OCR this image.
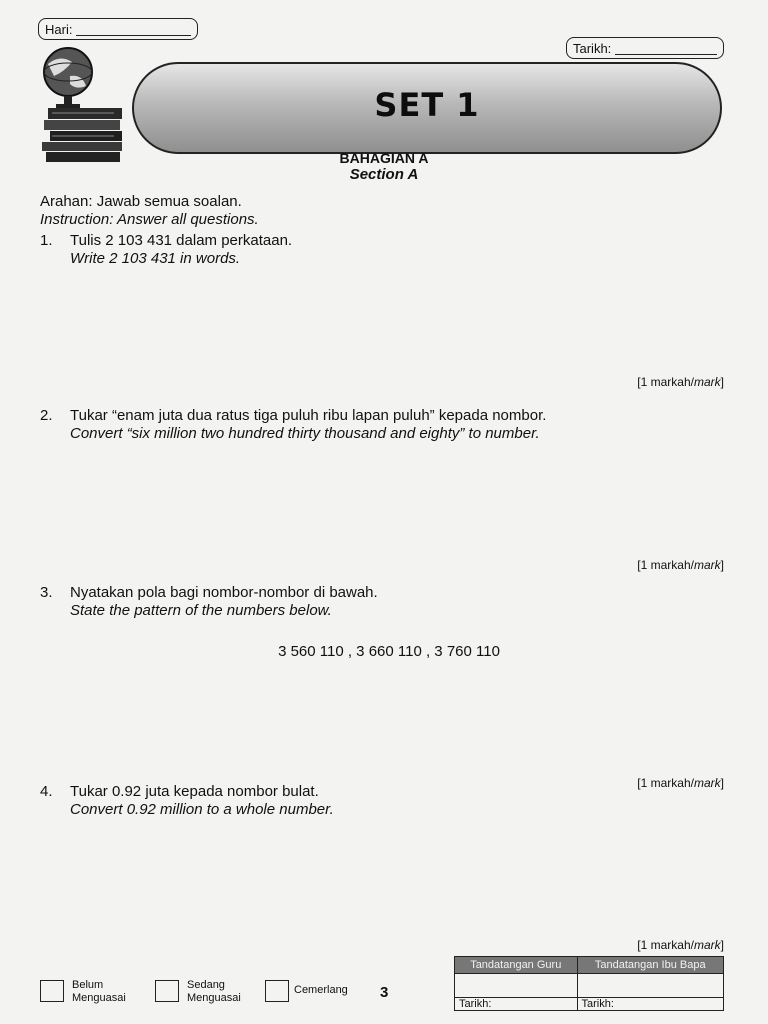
Hari:
Tarikh:
SET 1
BAHAGIAN A
Section A
Arahan: Jawab semua soalan.
Instruction: Answer all questions.
1. Tulis 2 103 431 dalam perkataan.
Write 2 103 431 in words.
[1 markah/mark]
2. Tukar “enam juta dua ratus tiga puluh ribu lapan puluh” kepada nombor.
Convert “six million two hundred thirty thousand and eighty” to number.
[1 markah/mark]
3. Nyatakan pola bagi nombor-nombor di bawah.
State the pattern of the numbers below.
3 560 110 , 3 660 110 , 3 760 110
[1 markah/mark]
4. Tukar 0.92 juta kepada nombor bulat.
Convert 0.92 million to a whole number.
[1 markah/mark]
Belum
Menguasai
Sedang
Menguasai
Cemerlang 3
Tandatangan Guru	Tandatangan Ibu Bapa

Tarikh:	Tarikh:
